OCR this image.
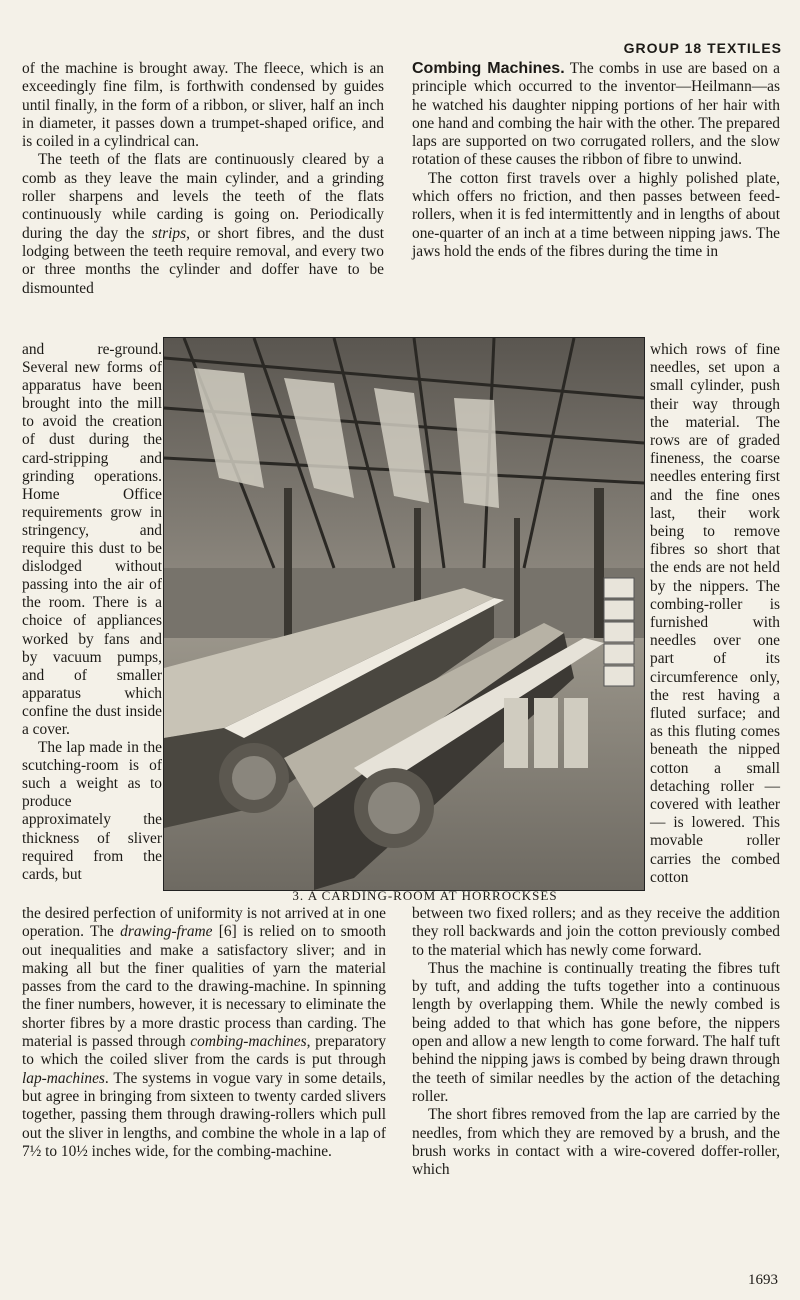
GROUP 18 TEXTILES

of the machine is brought away. The fleece, which is an exceedingly fine film, is forthwith condensed by guides until finally, in the form of a ribbon, or sliver, half an inch in diameter, it passes down a trumpet-shaped orifice, and is coiled in a cylindrical can.

The teeth of the flats are continuously cleared by a comb as they leave the main cylinder, and a grinding roller sharpens and levels the teeth of the flats continuously while carding is going on. Periodically during the day the strips, or short fibres, and the dust lodging between the teeth require removal, and every two or three months the cylinder and doffer have to be dismounted

and re-ground. Several new forms of apparatus have been brought into the mill to avoid the creation of dust during the card-stripping and grinding operations. Home Office requirements grow in stringency, and require this dust to be dislodged without passing into the air of the room. There is a choice of appliances worked by fans and by vacuum pumps, and of smaller apparatus which confine the dust inside a cover.

The lap made in the scutching-room is of such a weight as to produce approximately the thickness of sliver required from the cards, but

3. A CARDING-ROOM AT HORROCKSES

Combing Machines. The combs in use are based on a principle which occurred to the inventor—Heilmann—as he watched his daughter nipping portions of her hair with one hand and combing the hair with the other. The prepared laps are supported on two corrugated rollers, and the slow rotation of these causes the ribbon of fibre to unwind.

The cotton first travels over a highly polished plate, which offers no friction, and then passes between feed-rollers, when it is fed intermittently and in lengths of about one-quarter of an inch at a time between nipping jaws. The jaws hold the ends of the fibres during the time in

which rows of fine needles, set upon a small cylinder, push their way through the material. The rows are of graded fineness, the coarse needles entering first and the fine ones last, their work being to remove fibres so short that the ends are not held by the nippers. The combing-roller is furnished with needles over one part of its circumference only, the rest having a fluted surface; and as this fluting comes beneath the nipped cotton a small detaching roller — covered with leather— is lowered. This movable roller carries the combed cotton

the desired perfection of uniformity is not arrived at in one operation. The drawing-frame [6] is relied on to smooth out inequalities and make a satisfactory sliver; and in making all but the finer qualities of yarn the material passes from the card to the drawing-machine. In spinning the finer numbers, however, it is necessary to eliminate the shorter fibres by a more drastic process than carding. The material is passed through combing-machines, preparatory to which the coiled sliver from the cards is put through lap-machines. The systems in vogue vary in some details, but agree in bringing from sixteen to twenty carded slivers together, passing them through drawing-rollers which pull out the sliver in lengths, and combine the whole in a lap of 7½ to 10½ inches wide, for the combing-machine.

between two fixed rollers; and as they receive the addition they roll backwards and join the cotton previously combed to the material which has newly come forward.

Thus the machine is continually treating the fibres tuft by tuft, and adding the tufts together into a continuous length by overlapping them. While the newly combed is being added to that which has gone before, the nippers open and allow a new length to come forward. The half tuft behind the nipping jaws is combed by being drawn through the teeth of similar needles by the action of the detaching roller.

The short fibres removed from the lap are carried by the needles, from which they are removed by a brush, and the brush works in contact with a wire-covered doffer-roller, which

1693
